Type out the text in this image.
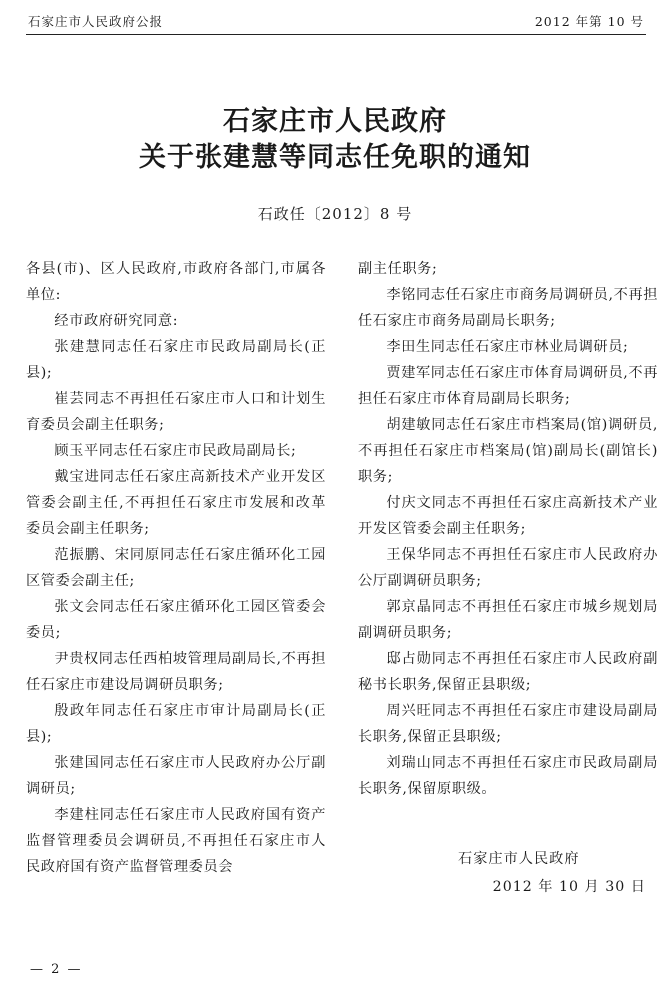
石家庄市人民政府公报	2012 年第 10 号
石家庄市人民政府
关于张建慧等同志任免职的通知
石政任〔2012〕8 号

各县(市)、区人民政府,市政府各部门,市属各单位:

经市政府研究同意:

张建慧同志任石家庄市民政局副局长(正县);

崔芸同志不再担任石家庄市人口和计划生育委员会副主任职务;

顾玉平同志任石家庄市民政局副局长;

戴宝进同志任石家庄高新技术产业开发区管委会副主任,不再担任石家庄市发展和改革委员会副主任职务;

范振鹏、宋同原同志任石家庄循环化工园区管委会副主任;

张文会同志任石家庄循环化工园区管委会委员;

尹贵权同志任西柏坡管理局副局长,不再担任石家庄市建设局调研员职务;

殷政年同志任石家庄市审计局副局长(正县);

张建国同志任石家庄市人民政府办公厅副调研员;

李建柱同志任石家庄市人民政府国有资产监督管理委员会调研员,不再担任石家庄市人民政府国有资产监督管理委员会

副主任职务;

李铭同志任石家庄市商务局调研员,不再担任石家庄市商务局副局长职务;

李田生同志任石家庄市林业局调研员;

贾建军同志任石家庄市体育局调研员,不再担任石家庄市体育局副局长职务;

胡建敏同志任石家庄市档案局(馆)调研员,不再担任石家庄市档案局(馆)副局长(副馆长)职务;

付庆文同志不再担任石家庄高新技术产业开发区管委会副主任职务;

王保华同志不再担任石家庄市人民政府办公厅副调研员职务;

郭京晶同志不再担任石家庄市城乡规划局副调研员职务;

邸占勋同志不再担任石家庄市人民政府副秘书长职务,保留正县职级;

周兴旺同志不再担任石家庄市建设局副局长职务,保留正县职级;

刘瑞山同志不再担任石家庄市民政局副局长职务,保留原职级。

石家庄市人民政府
2012 年 10 月 30 日
— 2 —
